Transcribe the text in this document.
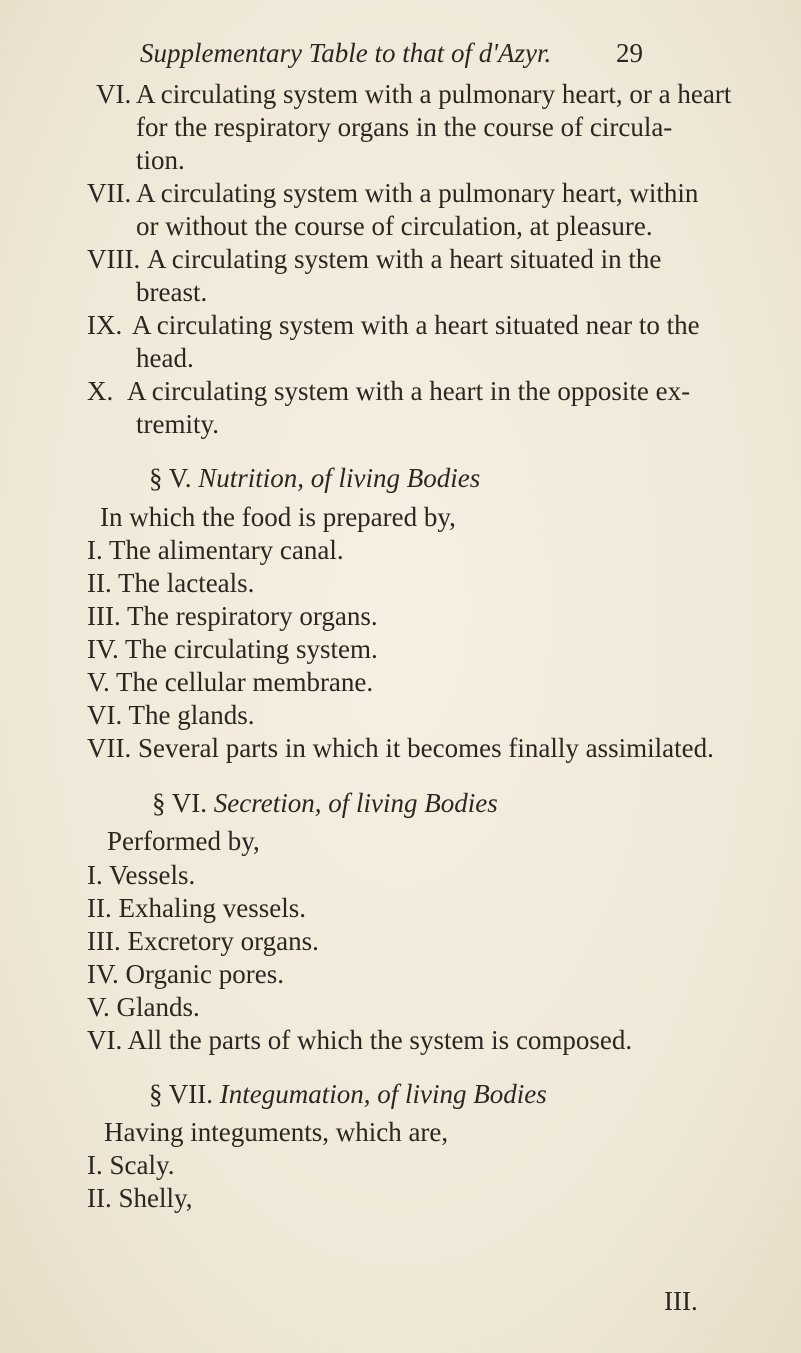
Supplementary Table to that of d'Azyr. 29
VI. A circulating system with a pulmonary heart, or a heart
for the respiratory organs in the course of circula-
tion.
VII. A circulating system with a pulmonary heart, within
or without the course of circulation, at pleasure.
VIII. A circulating system with a heart situated in the
breast.
IX. A circulating system with a heart situated near to the
head.
X. A circulating system with a heart in the opposite ex-
tremity.
§ V. Nutrition, of living Bodies
In which the food is prepared by,
I. The alimentary canal.
II. The lacteals.
III. The respiratory organs.
IV. The circulating system.
V. The cellular membrane.
VI. The glands.
VII. Several parts in which it becomes finally assimilated.
§ VI. Secretion, of living Bodies
Performed by,
I. Vessels.
II. Exhaling vessels.
III. Excretory organs.
IV. Organic pores.
V. Glands.
VI. All the parts of which the system is composed.
§ VII. Integumation, of living Bodies
Having integuments, which are,
I. Scaly.
II. Shelly,
III.
